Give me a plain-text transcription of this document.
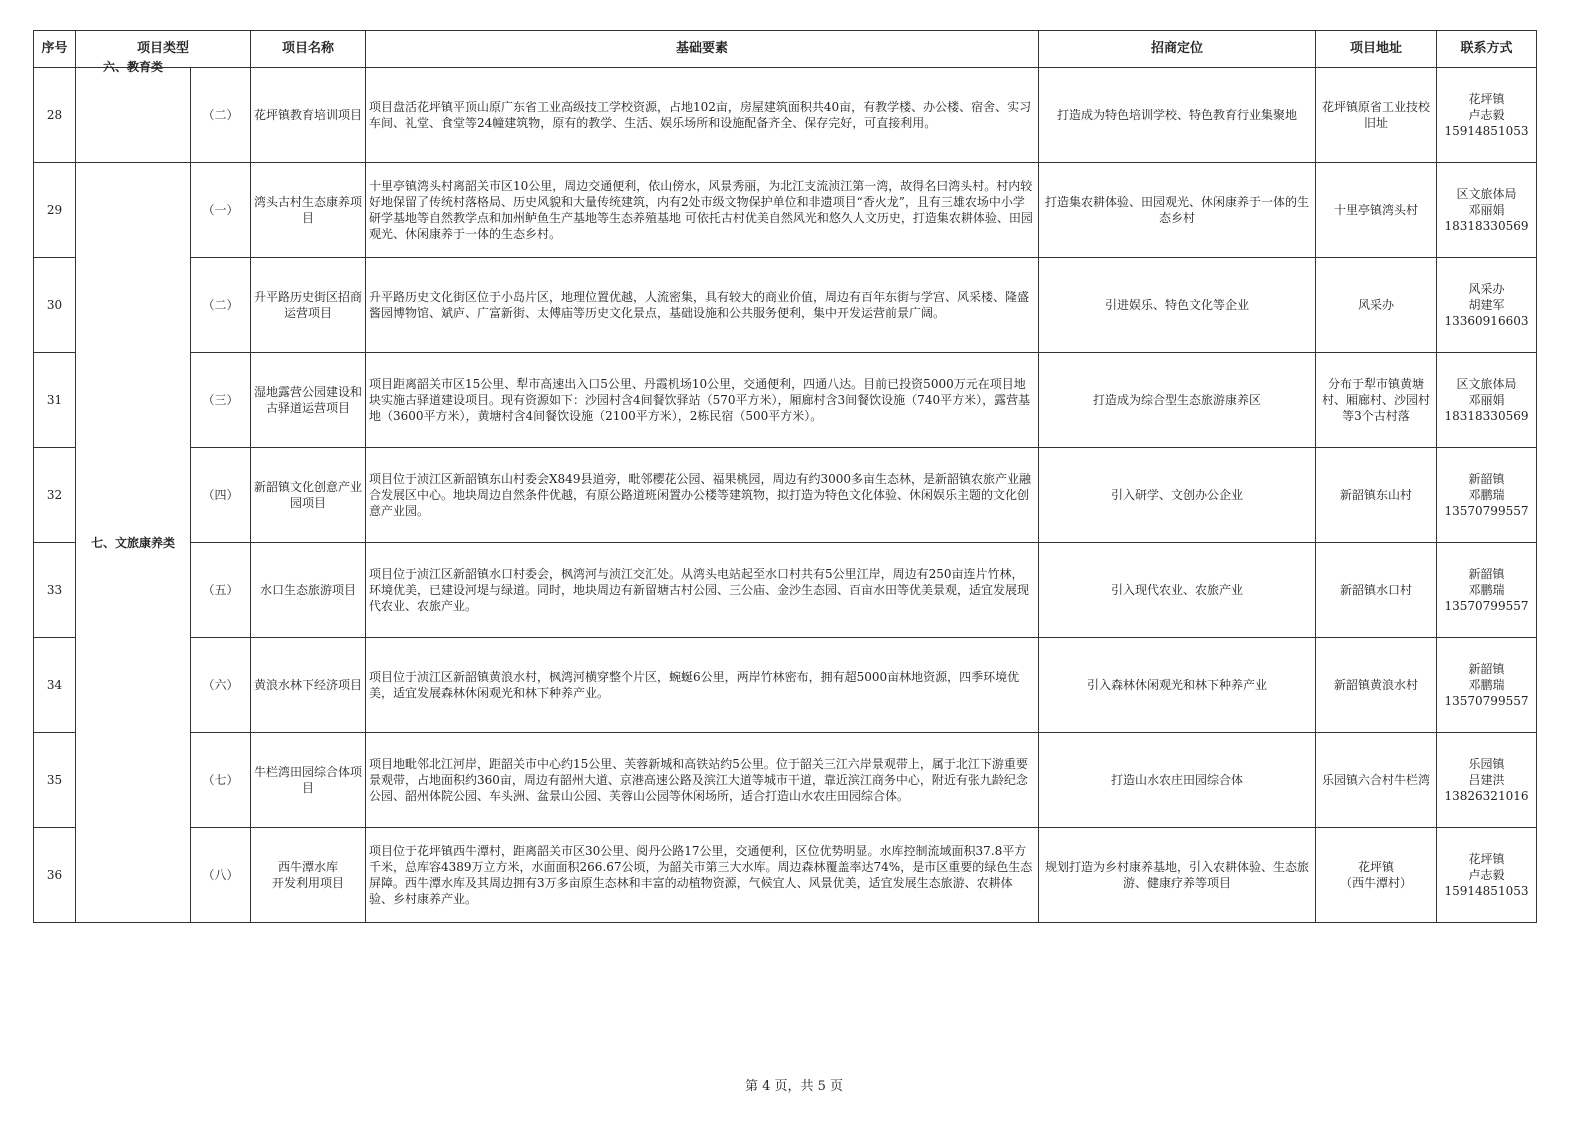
序号	项目类型		项目名称	基础要素	招商定位	项目地址	联系方式
28	六、教育类	（二）	花坪镇教育培训项目	项目盘活花坪镇平顶山原广东省工业高级技工学校资源，占地102亩，房屋建筑面积共40亩，有教学楼、办公楼、宿舍、实习车间、礼堂、食堂等24幢建筑物，原有的教学、生活、娱乐场所和设施配备齐全、保存完好，可直接利用。	打造成为特色培训学校、特色教育行业集聚地	花坪镇原省工业技校旧址	花坪镇
卢志毅
15914851053
29	七、文旅康养类	（一）	湾头古村生态康养项目	十里亭镇湾头村离韶关市区10公里，周边交通便利，依山傍水，风景秀丽，为北江支流浈江第一湾，故得名曰湾头村。村内较好地保留了传统村落格局、历史风貌和大量传统建筑，内有2处市级文物保护单位和非遗项目“香火龙”，且有三雄农场中小学研学基地等自然教学点和加州鲈鱼生产基地等生态养殖基地 可依托古村优美自然风光和悠久人文历史，打造集农耕体验、田园观光、休闲康养于一体的生态乡村。	打造集农耕体验、田园观光、休闲康养于一体的生态乡村	十里亭镇湾头村	区文旅体局
邓丽娟
18318330569
30		（二）	升平路历史街区招商运营项目	升平路历史文化街区位于小岛片区，地理位置优越，人流密集，具有较大的商业价值，周边有百年东街与学宫、风采楼、隆盛酱园博物馆、斌庐、广富新街、太傅庙等历史文化景点，基础设施和公共服务便利，集中开发运营前景广阔。	引进娱乐、特色文化等企业	风采办	风采办
胡建军
13360916603
31		（三）	湿地露营公园建设和古驿道运营项目	项目距离韶关市区15公里、犁市高速出入口5公里、丹霞机场10公里，交通便利，四通八达。目前已投资5000万元在项目地块实施古驿道建设项目。现有资源如下：沙园村含4间餐饮驿站（570平方米），厢廊村含3间餐饮设施（740平方米），露营基地（3600平方米），黄塘村含4间餐饮设施（2100平方米），2栋民宿（500平方米）。	打造成为综合型生态旅游康养区	分布于犁市镇黄塘村、厢廊村、沙园村等3个古村落	区文旅体局
邓丽娟
18318330569
32		（四）	新韶镇文化创意产业园项目	项目位于浈江区新韶镇东山村委会X849县道旁，毗邻樱花公园、福果桃园，周边有约3000多亩生态林，是新韶镇农旅产业融合发展区中心。地块周边自然条件优越，有原公路道班闲置办公楼等建筑物，拟打造为特色文化体验、休闲娱乐主题的文化创意产业园。	引入研学、文创办公企业	新韶镇东山村	新韶镇
邓鹏瑞
13570799557
33		（五）	水口生态旅游项目	项目位于浈江区新韶镇水口村委会，枫湾河与浈江交汇处。从湾头电站起至水口村共有5公里江岸，周边有250亩连片竹林，环境优美，已建设河堤与绿道。同时，地块周边有新留塘古村公园、三公庙、金沙生态园、百亩水田等优美景观，适宜发展现代农业、农旅产业。	引入现代农业、农旅产业	新韶镇水口村	新韶镇
邓鹏瑞
13570799557
34		（六）	黄浪水林下经济项目	项目位于浈江区新韶镇黄浪水村，枫湾河横穿整个片区，蜿蜒6公里，两岸竹林密布，拥有超5000亩林地资源，四季环境优美，适宜发展森林休闲观光和林下种养产业。	引入森林休闲观光和林下种养产业	新韶镇黄浪水村	新韶镇
邓鹏瑞
13570799557
35		（七）	牛栏湾田园综合体项目	项目地毗邻北江河岸，距韶关市中心约15公里、芙蓉新城和高铁站约5公里。位于韶关三江六岸景观带上，属于北江下游重要景观带，占地面积约360亩，周边有韶州大道、京港高速公路及滨江大道等城市干道，靠近滨江商务中心，附近有张九龄纪念公园、韶州体院公园、车头洲、盆景山公园、芙蓉山公园等休闲场所，适合打造山水农庄田园综合体。	打造山水农庄田园综合体	乐园镇六合村牛栏湾	乐园镇
吕建洪
13826321016
36		（八）	西牛潭水库
开发利用项目	项目位于花坪镇西牛潭村，距离韶关市区30公里、阅丹公路17公里，交通便利，区位优势明显。水库控制流域面积37.8平方千米，总库容4389万立方米，水面面积266.67公顷，为韶关市第三大水库。周边森林覆盖率达74%，是市区重要的绿色生态屏障。西牛潭水库及其周边拥有3万多亩原生态林和丰富的动植物资源，气候宜人、风景优美，适宜发展生态旅游、农耕体验、乡村康养产业。	规划打造为乡村康养基地，引入农耕体验、生态旅游、健康疗养等项目	花坪镇
（西牛潭村）	花坪镇
卢志毅
15914851053
第 4 页，共 5 页
